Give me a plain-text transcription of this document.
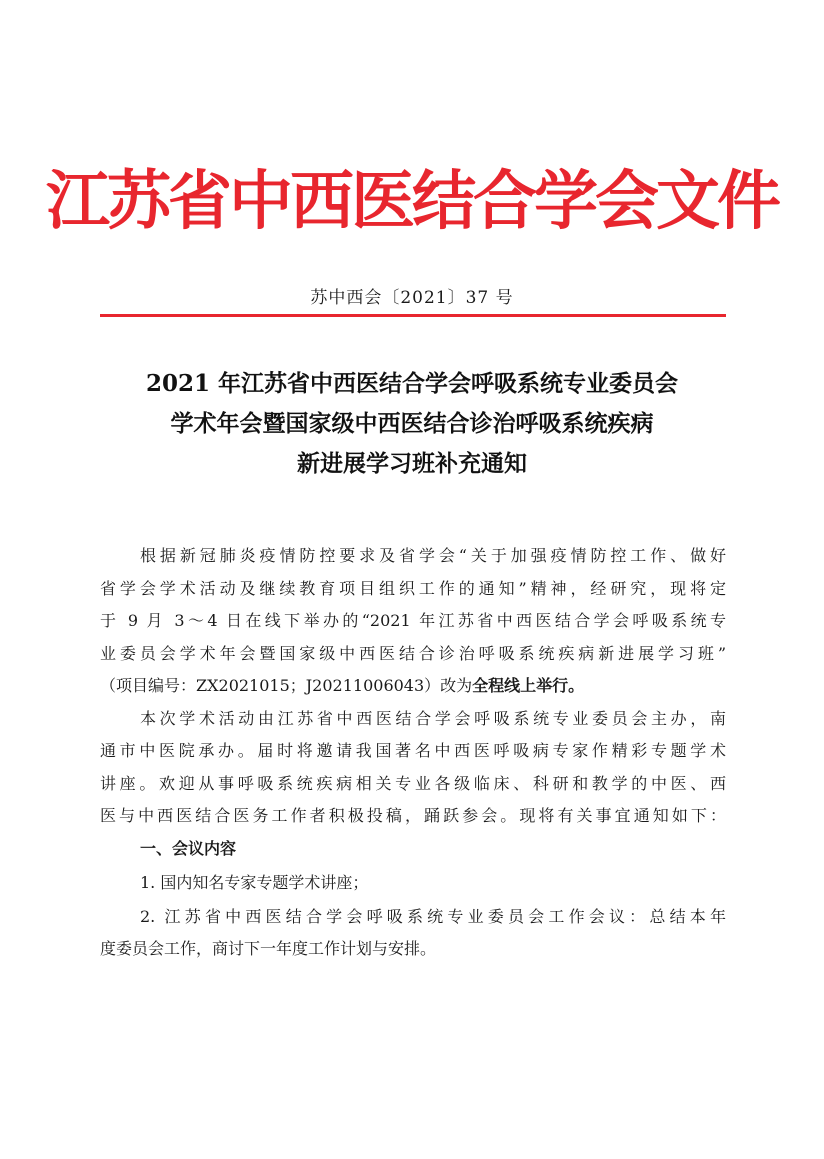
江苏省中西医结合学会文件
苏中西会〔2021〕37 号
2021 年江苏省中西医结合学会呼吸系统专业委员会
学术年会暨国家级中西医结合诊治呼吸系统疾病
新进展学习班补充通知
根据新冠肺炎疫情防控要求及省学会“关于加强疫情防控工作、做好
省学会学术活动及继续教育项目组织工作的通知”精神，经研究，现将定
于 9 月 3～4 日在线下举办的“2021 年江苏省中西医结合学会呼吸系统专
业委员会学术年会暨国家级中西医结合诊治呼吸系统疾病新进展学习班”
（项目编号：ZX2021015；J20211006043）改为全程线上举行。
本次学术活动由江苏省中西医结合学会呼吸系统专业委员会主办，南
通市中医院承办。届时将邀请我国著名中西医呼吸病专家作精彩专题学术
讲座。欢迎从事呼吸系统疾病相关专业各级临床、科研和教学的中医、西
医与中西医结合医务工作者积极投稿，踊跃参会。现将有关事宜通知如下：
一、会议内容
1. 国内知名专家专题学术讲座；
2. 江苏省中西医结合学会呼吸系统专业委员会工作会议：总结本年
度委员会工作，商讨下一年度工作计划与安排。
